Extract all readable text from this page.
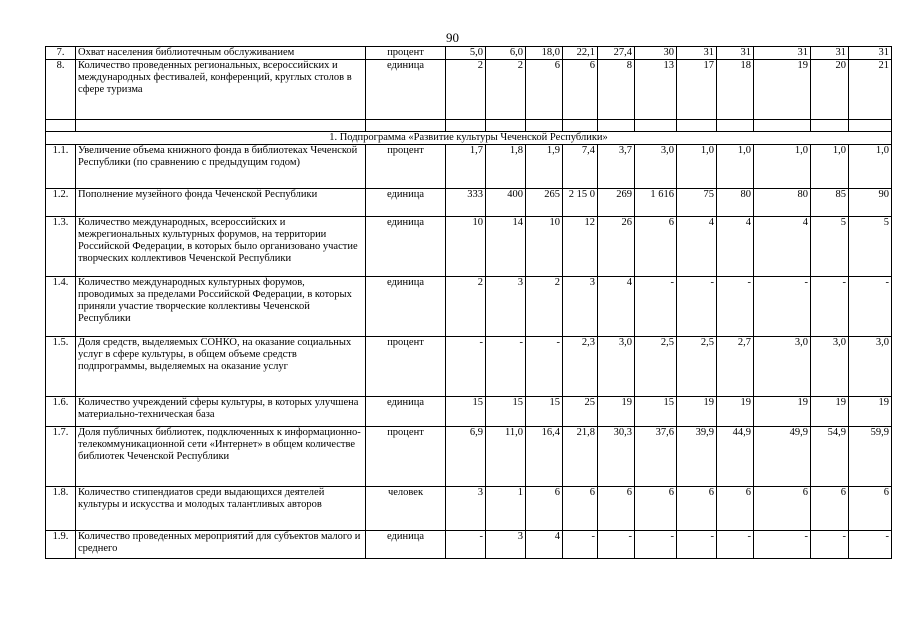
90
7.	Охват населения библиотечным обслуживанием	процент	5,0	6,0	18,0	22,1	27,4	30	31	31	31	31	31
8.	Количество проведенных региональных, всероссийских и международных фестивалей, конференций, круглых столов в сфере туризма	единица	2	2	6	6	8	13	17	18	19	20	21

1. Подпрограмма «Развитие культуры Чеченской Республики»													
1.1.	Увеличение объема книжного фонда в библиотеках Чеченской Республики (по сравнению с предыдущим годом)	процент	1,7	1,8	1,9	7,4	3,7	3,0	1,0	1,0	1,0	1,0	1,0
1.2.	Пополнение музейного фонда Чеченской Республики	единица	333	400	265	2 15 0	269	1 616	75	80	80	85	90
1.3.	Количество международных, всероссийских и межрегиональных культурных форумов, на территории Российской Федерации, в которых было организовано участие творческих коллективов Чеченской Республики	единица	10	14	10	12	26	6	4	4	4	5	5
1.4.	Количество международных культурных форумов, проводимых за пределами Российской Федерации, в которых приняли участие творческие коллективы Чеченской Республики	единица	2	3	2	3	4	-	-	-	-	-	-
1.5.	Доля средств, выделяемых СОНКО, на оказание социальных услуг в сфере культуры, в общем объеме средств подпрограммы, выделяемых на оказание услуг	процент	-	-	-	2,3	3,0	2,5	2,5	2,7	3,0	3,0	3,0
1.6.	Количество учреждений сферы культуры, в которых улучшена материально-техническая база	единица	15	15	15	25	19	15	19	19	19	19	19
1.7.	Доля публичных библиотек, подключенных к информационно-телекоммуникационной сети «Интернет» в общем количестве библиотек Чеченской Республики	процент	6,9	11,0	16,4	21,8	30,3	37,6	39,9	44,9	49,9	54,9	59,9
1.8.	Количество стипендиатов среди выдающихся деятелей культуры и искусства и молодых талантливых авторов	человек	3	1	6	6	6	6	6	6	6	6	6
1.9.	Количество проведенных мероприятий для субъектов малого и среднего	единица	-	3	4	-	-	-	-	-	-	-	-
